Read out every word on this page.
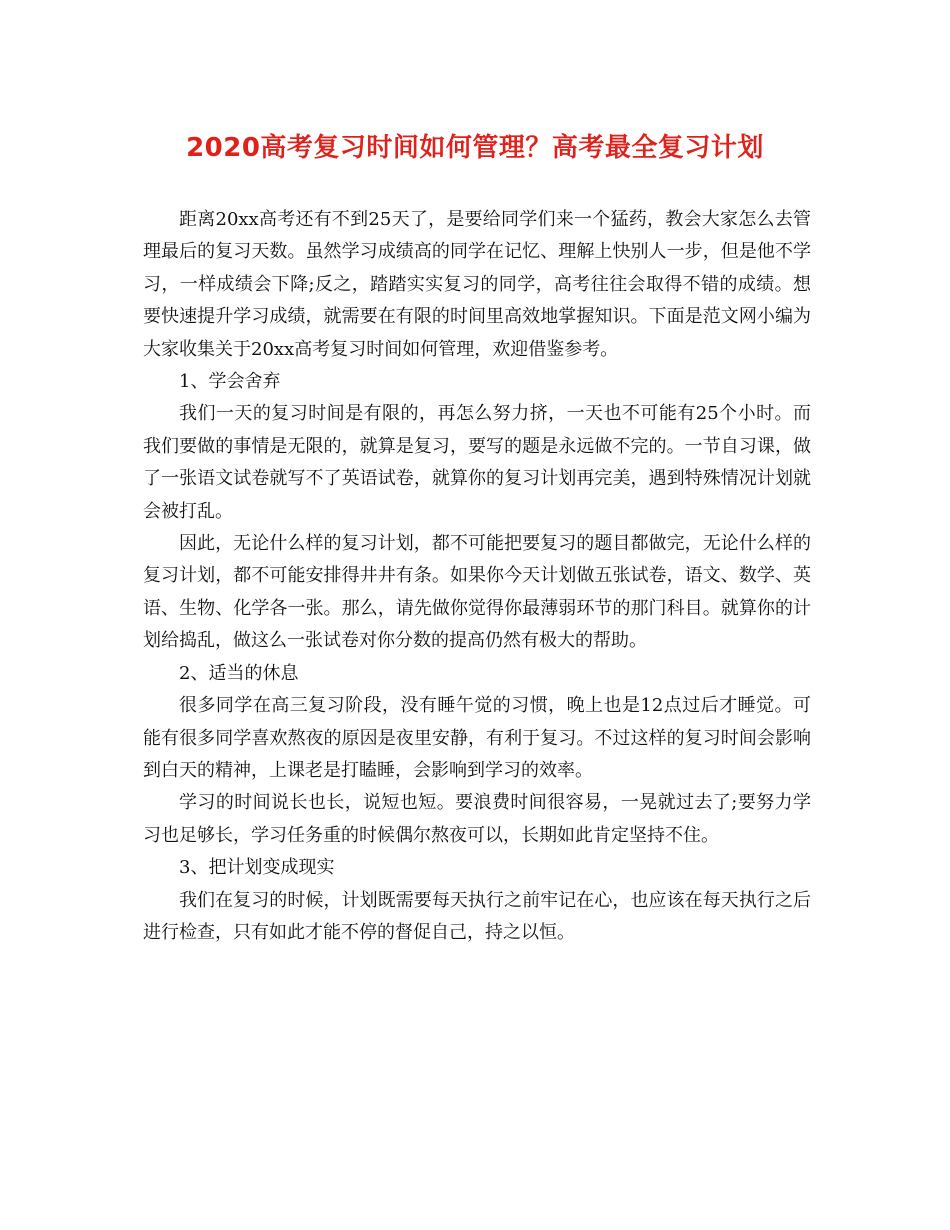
2020高考复习时间如何管理？高考最全复习计划

距离20xx高考还有不到25天了，是要给同学们来一个猛药，教会大家怎么去管理最后的复习天数。虽然学习成绩高的同学在记忆、理解上快别人一步，但是他不学习，一样成绩会下降;反之，踏踏实实复习的同学，高考往往会取得不错的成绩。想要快速提升学习成绩，就需要在有限的时间里高效地掌握知识。下面是范文网小编为大家收集关于20xx高考复习时间如何管理，欢迎借鉴参考。

1、学会舍弃

我们一天的复习时间是有限的，再怎么努力挤，一天也不可能有25个小时。而我们要做的事情是无限的，就算是复习，要写的题是永远做不完的。一节自习课，做了一张语文试卷就写不了英语试卷，就算你的复习计划再完美，遇到特殊情况计划就会被打乱。

因此，无论什么样的复习计划，都不可能把要复习的题目都做完，无论什么样的复习计划，都不可能安排得井井有条。如果你今天计划做五张试卷，语文、数学、英语、生物、化学各一张。那么，请先做你觉得你最薄弱环节的那门科目。就算你的计划给捣乱，做这么一张试卷对你分数的提高仍然有极大的帮助。

2、适当的休息

很多同学在高三复习阶段，没有睡午觉的习惯，晚上也是12点过后才睡觉。可能有很多同学喜欢熬夜的原因是夜里安静，有利于复习。不过这样的复习时间会影响到白天的精神，上课老是打瞌睡，会影响到学习的效率。

学习的时间说长也长，说短也短。要浪费时间很容易，一晃就过去了;要努力学习也足够长，学习任务重的时候偶尔熬夜可以，长期如此肯定坚持不住。

3、把计划变成现实

我们在复习的时候，计划既需要每天执行之前牢记在心，也应该在每天执行之后进行检查，只有如此才能不停的督促自己，持之以恒。
